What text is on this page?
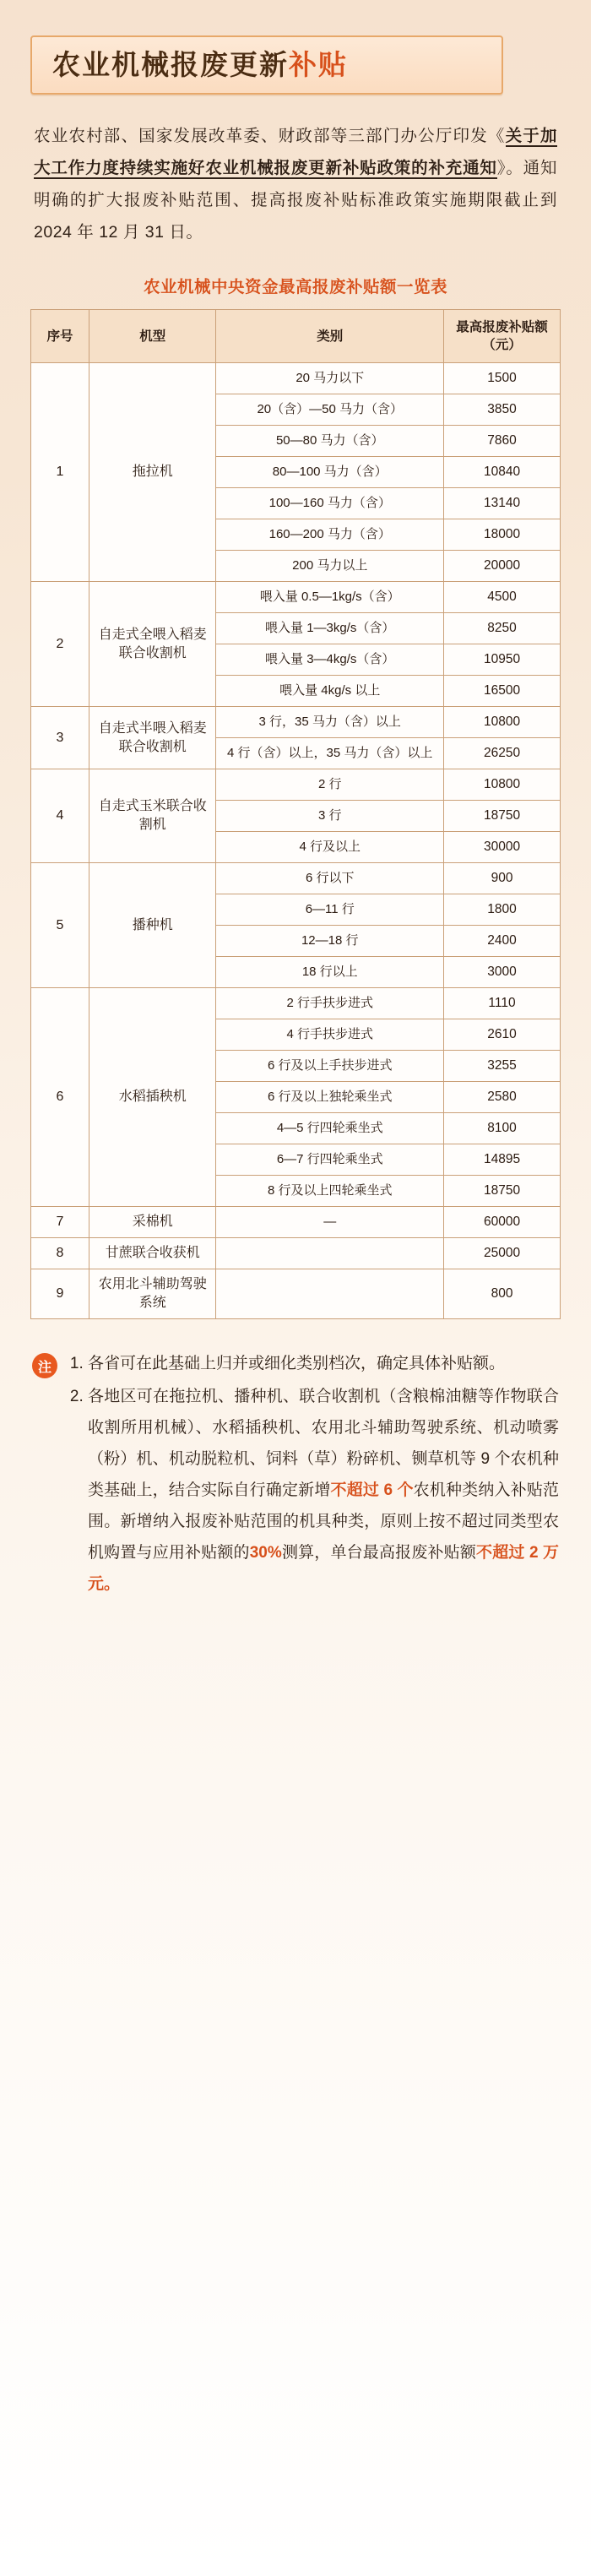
农业机械报废更新补贴

农业农村部、国家发展改革委、财政部等三部门办公厅印发《关于加大工作力度持续实施好农业机械报废更新补贴政策的补充通知》。通知明确的扩大报废补贴范围、提高报废补贴标准政策实施期限截止到 2024 年 12 月 31 日。

农业机械中央资金最高报废补贴额一览表
序号	机型	类别	最高报废补贴额（元）
1	拖拉机	20 马力以下	1500
		20（含）—50 马力（含）	3850
		50—80 马力（含）	7860
		80—100 马力（含）	10840
		100—160 马力（含）	13140
		160—200 马力（含）	18000
		200 马力以上	20000
2	自走式全喂入稻麦联合收割机	喂入量 0.5—1kg/s（含）	4500
		喂入量 1—3kg/s（含）	8250
		喂入量 3—4kg/s（含）	10950
		喂入量 4kg/s 以上	16500
3	自走式半喂入稻麦联合收割机	3 行，35 马力（含）以上	10800
		4 行（含）以上，35 马力（含）以上	26250
4	自走式玉米联合收割机	2 行	10800
		3 行	18750
		4 行及以上	30000
5	播种机	6 行以下	900
		6—11 行	1800
		12—18 行	2400
		18 行以上	3000
6	水稻插秧机	2 行手扶步进式	1110
		4 行手扶步进式	2610
		6 行及以上手扶步进式	3255
		6 行及以上独轮乘坐式	2580
		4—5 行四轮乘坐式	8100
		6—7 行四轮乘坐式	14895
		8 行及以上四轮乘坐式	18750
7	采棉机	—	60000
8	甘蔗联合收获机		25000
9	农用北斗辅助驾驶系统		800
注	1. 各省可在此基础上归并或细化类别档次，确定具体补贴额。
2. 各地区可在拖拉机、播种机、联合收割机（含粮棉油糖等作物联合收割所用机械）、水稻插秧机、农用北斗辅助驾驶系统、机动喷雾（粉）机、机动脱粒机、饲料（草）粉碎机、铡草机等 9 个农机种类基础上，结合实际自行确定新增不超过 6 个农机种类纳入补贴范围。新增纳入报废补贴范围的机具种类，原则上按不超过同类型农机购置与应用补贴额的30%测算，单台最高报废补贴额不超过 2 万元。
